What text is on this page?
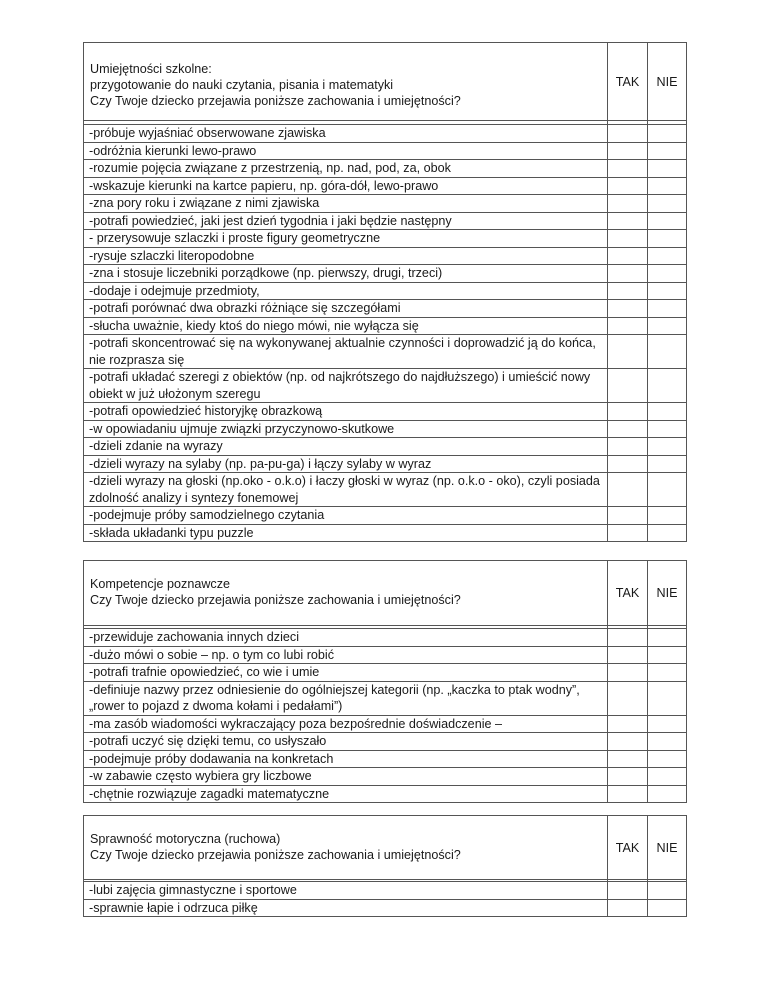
Umiejętności szkolne:
przygotowanie do nauki czytania, pisania i matematyki
Czy Twoje dziecko przejawia poniższe zachowania i umiejętności?	TAK	NIE

-próbuje wyjaśniać obserwowane zjawiska		

-odróżnia kierunki lewo-prawo		

-rozumie pojęcia związane z przestrzenią, np. nad, pod, za, obok		

-wskazuje kierunki na kartce papieru, np. góra-dół, lewo-prawo		

-zna pory roku i związane z nimi zjawiska		

-potrafi powiedzieć, jaki jest dzień tygodnia i jaki będzie następny		

- przerysowuje szlaczki i proste figury geometryczne		

-rysuje szlaczki literopodobne		

-zna i stosuje liczebniki porządkowe (np. pierwszy, drugi, trzeci)		

-dodaje i odejmuje przedmioty,		

-potrafi porównać dwa obrazki różniące się szczegółami		

-słucha uważnie, kiedy ktoś do niego mówi, nie wyłącza się		

-potrafi skoncentrować się na wykonywanej aktualnie czynności i doprowadzić ją do końca, nie rozprasza się		

-potrafi układać szeregi z obiektów (np. od najkrótszego do najdłuższego) i umieścić nowy obiekt w już ułożonym szeregu		

-potrafi opowiedzieć historyjkę obrazkową		

-w opowiadaniu ujmuje związki przyczynowo-skutkowe		

-dzieli zdanie na wyrazy		

-dzieli wyrazy na sylaby (np. pa-pu-ga) i łączy sylaby w wyraz		

-dzieli wyrazy na głoski (np.oko - o.k.o) i łaczy głoski w wyraz (np. o.k.o - oko), czyli posiada zdolność analizy i syntezy fonemowej		

-podejmuje próby samodzielnego czytania		

-składa układanki typu puzzle		

Kompetencje poznawcze
Czy Twoje dziecko przejawia poniższe zachowania i umiejętności?	TAK	NIE

-przewiduje zachowania innych dzieci		

-dużo mówi o sobie – np. o tym co lubi robić		

-potrafi trafnie opowiedzieć, co wie i umie		

-definiuje nazwy przez odniesienie do ogólniejszej kategorii (np. „kaczka to ptak wodny”, „rower to pojazd z dwoma kołami i pedałami”)		

-ma zasób wiadomości wykraczający poza bezpośrednie doświadczenie –		

-potrafi uczyć się dzięki temu, co usłyszało		

-podejmuje próby dodawania na konkretach		

-w zabawie często wybiera gry liczbowe		

-chętnie rozwiązuje zagadki matematyczne		

Sprawność motoryczna (ruchowa)
Czy Twoje dziecko przejawia poniższe zachowania i umiejętności?	TAK	NIE

-lubi zajęcia gimnastyczne i sportowe		

-sprawnie łapie i odrzuca piłkę		
